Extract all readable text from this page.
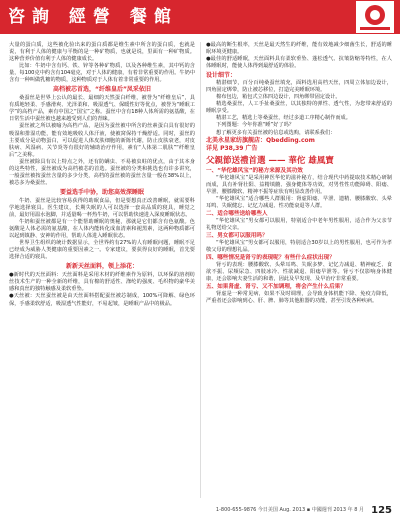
咨詢 經營 餐館

大量的蛋白质，这些被化验出来的蛋白质都是维生素中所含的蛋白质，也就是说，有利于人体的健康与平衡的是一种矿物质，也就是说，里面有一种矿物质。这种营养价值有利于人体的健康成长。

比如：牛奶中含有钙、铁、锌等各种矿物质，以及各种维生素，其中钙的含量，每100克中约含有104毫克，对于人体的健康，有着非常重要的作用。牛奶中含有一种叫做乳糖的物质，这种物质对于人体有着非常重要的作用。

高档被芯首选，“纤维皇后”凤采依旧

桑蚕丝是世界上公认的最长、最细的天然蛋白纤维，被誉为“纤维皇后”，具有质地轻柔、手感滑爽、光泽柔和、吸湿透气、保暖性好等优点，被誉为“睡眠工学”的高档产品，素有中国之“国宝”之称。蚕丝中含有18种人体所需的氨基酸，在日常生活中蚕丝被也越来越受到人们的青睐。

蚕丝被之所以被喻为高档产品，是因为蚕丝被中所含的丝素蛋白具有很好的吸湿和排湿功能，能有效地吸收人体汗液，使被窝保持干燥舒适。同时，蚕丝的主要成分是动物蛋白，可以促进人体皮肤细胞的新陈代谢，防止皮肤衰老，对皮肤病、风湿病、关节炎等有很好的辅助治疗作用，素有“人体第二肌肤”“纤维皇后”之美称。

蚕丝被除具有以上特点之外，还有防螨虫、不易被虫蛀的优点，由于其本身的这些特性，蚕丝被成为高档被芯的首选。蚕丝被的分类和挑选也有许多讲究，一般蚕丝被按蚕丝含量的多少分类，高档的蚕丝被的蚕丝含量一般在38%以上，被芯多为桑蚕丝。

要益选手中协，助您高效深睡眠

牛奶、蚕丝是比较容易获得的助眠食品，但是要想真正改善睡眠，就需要科学地选择寝具。医生建议，长期失眠的人可以选择一套高品质的寝具，睡觉之前，最好用温水泡脚，并适量喝一杯热牛奶，可以帮助快速进入深度睡眠状态。

牛奶和蚕丝被都是有一个能帮助睡眠的奥秘，那就是它们都含有色氨酸。色氨酸是人体必需的氨基酸，在人体内能转化成血清素和褪黑素，这两种物质都可以起到镇静、安神的作用，帮助人体进入睡眠状态。

世界卫生组织的统计数据显示，全世界约有27%的人有睡眠问题，睡眠不足已经成为威胁人类健康的重要因素之一。专家建议，要获得良好的睡眠，首先要选择合适的寝具。

新新天丝面料，领上添花：

●新时代的天丝面料：天丝面料是采用木材的纤维素作为原料，以环保的溶剂纺丝技术生产的一种全新的纤维，具有棉的舒适性、涤纶的强度、毛织物的豪华美感和真丝的独特触感及柔软垂坠。

●天丝被：天丝蚕丝被是由天丝面料搭配蚕丝被芯制成，100%可降解、绿色环保，手感柔软舒适，吸湿透气性能好，不易起皱，是睡眠产品中的极品。

●最高的断生根率，天丝是最天然生的纤维，能有效地减少细菌生长，舒适的睡眠环境更健康。

●最佳的舒适睡眠，天丝面料具有柔软垂坠、蓬松透气、抗皱防缩等特性，在人体睡眠时，能使人体得到最舒适的体验。

设计细节：

精湛细节，百分百纯桑蚕丝填充，面料选用高档天丝，四周立体加边设计，四角固定绑带，防止被芯移位，打造完美睡眠环境。

棉布包边，箱包式立体四边设计，四角绑带固定设计。

精选桑蚕丝，人工手扯桑蚕丝，以其独特的弹性、透气性，为您带来舒适的睡眠享受。

精湛工艺，精选上等桑蚕丝，经过多道工序精心制作而成。

下列图题：今年你准“睡”好了吗？

想了解更多有关蚕丝被的信息或选购，请联系我们：

北美永星家纺旗舰店：Qbedding.com
详见 P38,39 广告
父親節送禮首選 —— 華佗 雄風寶
一、“华佗雄风宝”的秘方来源及其功效

“华佗雄风宝”是采用神医华佗的滋补秘方，结合现代中药提取技术精心研制而成，具有补肾壮阳、益精填髓、强身健体等功效，对男性性功能障碍、阳痿、早泄、腰膝酸软、精神不振等症状有明显改善作用。

“华佗雄风宝”适合哪些人群服用：肾虚阳痿、早泄、遗精、腰膝酸软、头晕耳鸣、失眠健忘、记忆力减退、性功能衰退等人群。

二、适合哪些送给哪些人

“华佗雄风宝”男女都可以服用，特别适合中老年男性服用，适合作为父亲节礼物送给父亲。

三、男女都可以服用吗？

“华佗雄风宝”男女都可以服用，特别适合30岁以上的男性服用，也可作为孝敬父母的理想礼品。

四、哪些情况是肾亏的表现呢？有些什么症状出现？

肾亏的表现：腰膝酸软、头晕耳鸣、失眠多梦、记忆力减退、精神疲乏、食欲不振、尿频尿急、四肢冰冷、性欲减退、阳痿早泄等。肾亏不仅影响身体健康，还会影响夫妻生活的和谐，因此及早发现、及早治疗非常重要。

五、如果肾虚、肾亏、又不加调理，将会产生什么后果？

肾虚是一种常见病，如果不及时调理，会导致身体机能下降、免疫力降低，严重者还会影响到心、肝、脾、肺等其他脏器的功能，甚至引发各种疾病。

1-800-655-9876 今日美国 Aug. 2013 ▪ 中國週刊 2013 年 8 月 125
